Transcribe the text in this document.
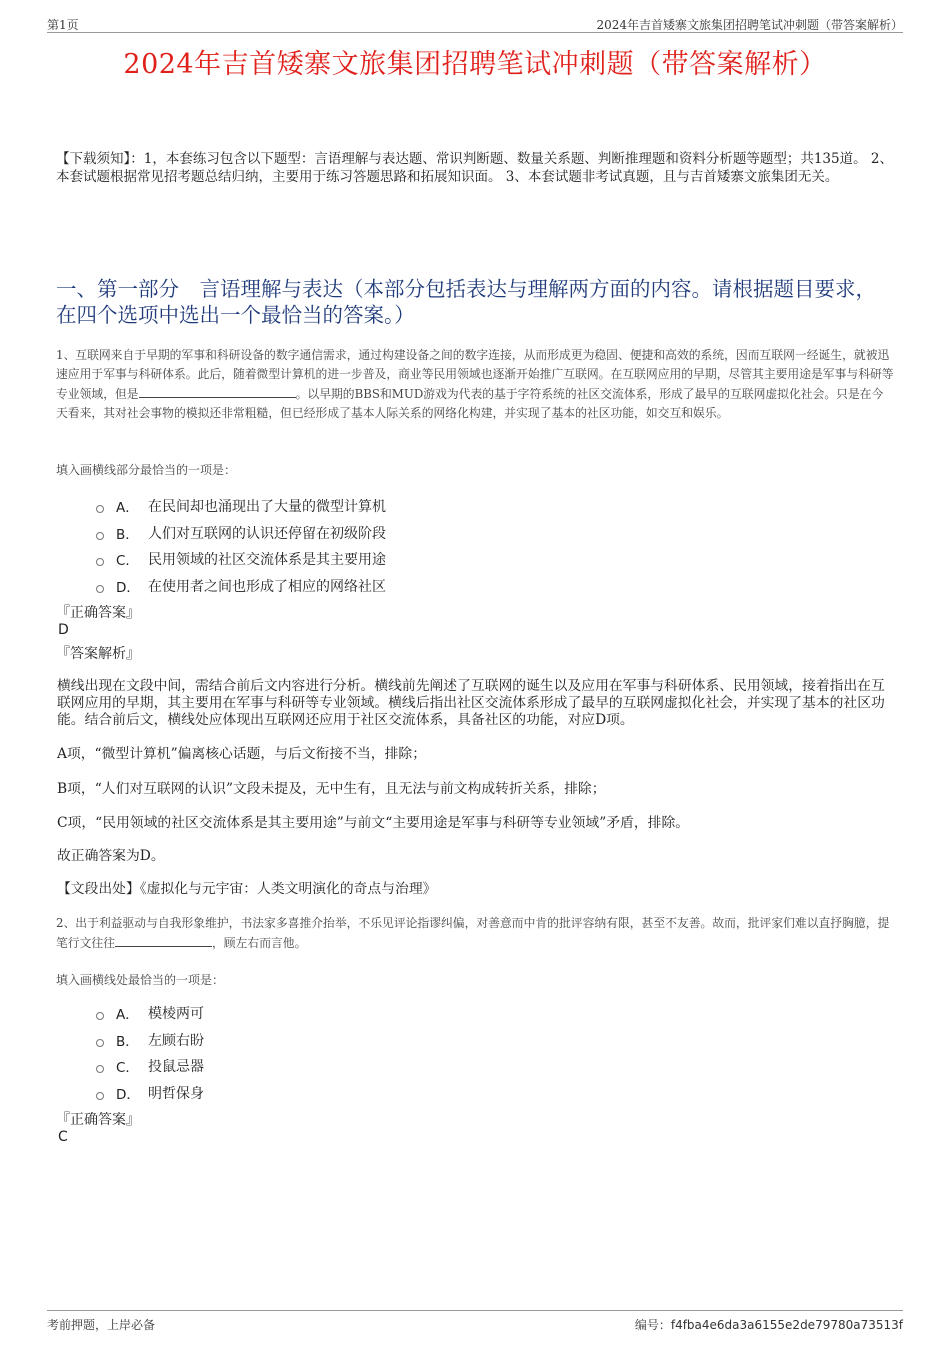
第1页	2024年吉首矮寨文旅集团招聘笔试冲刺题（带答案解析）
2024年吉首矮寨文旅集团招聘笔试冲刺题（带答案解析）
【下载须知】：1，本套练习包含以下题型：言语理解与表达题、常识判断题、数量关系题、判断推理题和资料分析题等题型；共135道。 2、本套试题根据常见招考题总结归纳，主要用于练习答题思路和拓展知识面。 3、本套试题非考试真题，且与吉首矮寨文旅集团无关。
一、第一部分　言语理解与表达（本部分包括表达与理解两方面的内容。请根据题目要求，在四个选项中选出一个最恰当的答案。）
1、互联网来自于早期的军事和科研设备的数字通信需求，通过构建设备之间的数字连接，从而形成更为稳固、便捷和高效的系统，因而互联网一经诞生，就被迅速应用于军事与科研体系。此后，随着微型计算机的进一步普及，商业等民用领域也逐渐开始推广互联网。在互联网应用的早期，尽管其主要用途是军事与科研等专业领域，但是	。以早期的BBS和MUD游戏为代表的基于字符系统的社区交流体系，形成了最早的互联网虚拟化社会。只是在今天看来，其对社会事物的模拟还非常粗糙，但已经形成了基本人际关系的网络化构建，并实现了基本的社区功能，如交互和娱乐。
填入画横线部分最恰当的一项是：
A． 在民间却也涌现出了大量的微型计算机
B． 人们对互联网的认识还停留在初级阶段
C． 民用领域的社区交流体系是其主要用途
D． 在使用者之间也形成了相应的网络社区
『正确答案』
D
『答案解析』
横线出现在文段中间，需结合前后文内容进行分析。横线前先阐述了互联网的诞生以及应用在军事与科研体系、民用领域，接着指出在互联网应用的早期，其主要用在军事与科研等专业领域。横线后指出社区交流体系形成了最早的互联网虚拟化社会，并实现了基本的社区功能。结合前后文，横线处应体现出互联网还应用于社区交流体系，具备社区的功能，对应D项。
A项，“微型计算机”偏离核心话题，与后文衔接不当，排除；
B项，“人们对互联网的认识”文段未提及，无中生有，且无法与前文构成转折关系，排除；
C项，“民用领域的社区交流体系是其主要用途”与前文“主要用途是军事与科研等专业领域”矛盾，排除。
故正确答案为D。
【文段出处】《虚拟化与元宇宙：人类文明演化的奇点与治理》
2、出于利益驱动与自我形象维护，书法家多喜推介抬举，不乐见评论指谬纠偏，对善意而中肯的批评容纳有限，甚至不友善。故而，批评家们难以直抒胸臆，提笔行文往往	，顾左右而言他。
填入画横线处最恰当的一项是：
A． 模棱两可
B． 左顾右盼
C． 投鼠忌器
D． 明哲保身
『正确答案』
C
考前押题，上岸必备	编号：f4fba4e6da3a6155e2de79780a73513f
